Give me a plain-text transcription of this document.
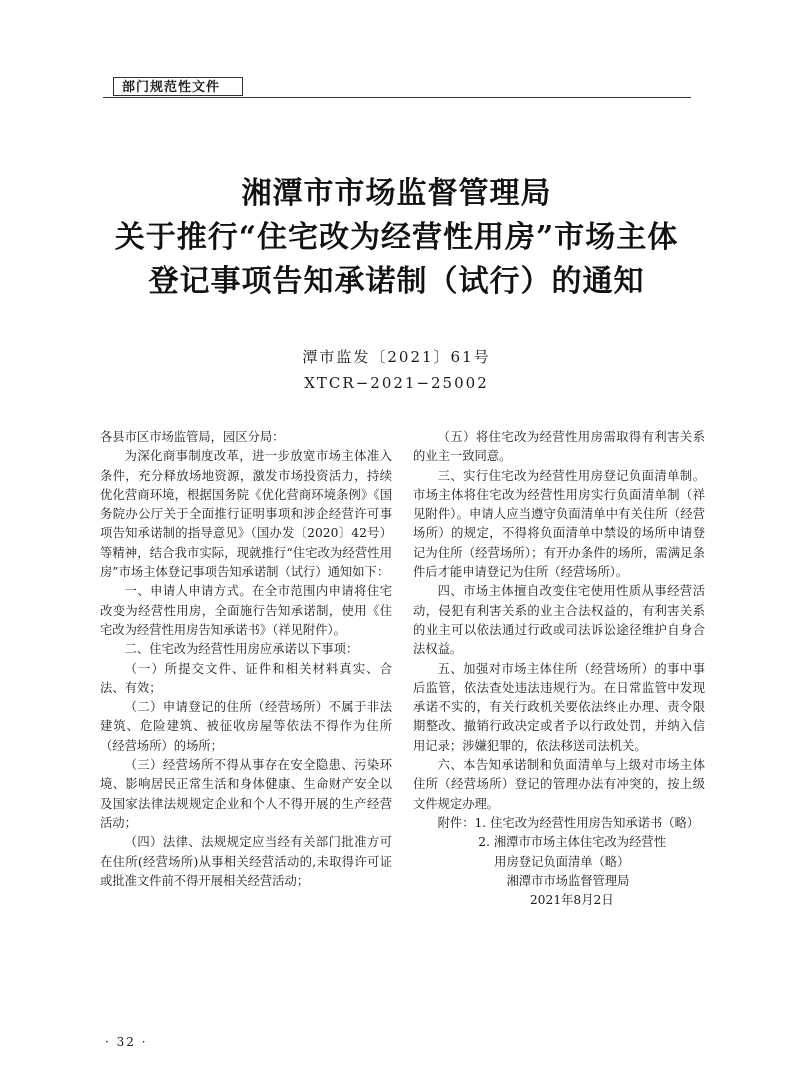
部门规范性文件
湘潭市市场监督管理局
关于推行“住宅改为经营性用房”市场主体
登记事项告知承诺制（试行）的通知
潭市监发〔2021〕61号
XTCR−2021−25002

各县市区市场监管局，园区分局：

为深化商事制度改革，进一步放宽市场主体准入条件，充分释放场地资源，激发市场投资活力，持续优化营商环境，根据国务院《优化营商环境条例》《国务院办公厅关于全面推行证明事项和涉企经营许可事项告知承诺制的指导意见》（国办发〔2020〕42号）等精神，结合我市实际，现就推行“住宅改为经营性用房”市场主体登记事项告知承诺制（试行）通知如下：

一、申请人申请方式。在全市范围内申请将住宅改变为经营性用房，全面施行告知承诺制，使用《住宅改为经营性用房告知承诺书》（祥见附件）。

二、住宅改为经营性用房应承诺以下事项：

（一）所提交文件、证件和相关材料真实、合法、有效；

（二）申请登记的住所（经营场所）不属于非法建筑、危险建筑、被征收房屋等依法不得作为住所（经营场所）的场所；

（三）经营场所不得从事存在安全隐患、污染环境、影响居民正常生活和身体健康、生命财产安全以及国家法律法规规定企业和个人不得开展的生产经营活动；

（四）法律、法规规定应当经有关部门批准方可在住所(经营场所)从事相关经营活动的,未取得许可证或批准文件前不得开展相关经营活动；

（五）将住宅改为经营性用房需取得有利害关系的业主一致同意。

三、实行住宅改为经营性用房登记负面清单制。市场主体将住宅改为经营性用房实行负面清单制（祥见附件）。申请人应当遵守负面清单中有关住所（经营场所）的规定，不得将负面清单中禁设的场所申请登记为住所（经营场所）；有开办条件的场所，需满足条件后才能申请登记为住所（经营场所）。

四、市场主体擅自改变住宅使用性质从事经营活动，侵犯有利害关系的业主合法权益的，有利害关系的业主可以依法通过行政或司法诉讼途径维护自身合法权益。

五、加强对市场主体住所（经营场所）的事中事后监管，依法查处违法违规行为。在日常监管中发现承诺不实的，有关行政机关要依法终止办理、责令限期整改、撤销行政决定或者予以行政处罚，并纳入信用记录；涉嫌犯罪的，依法移送司法机关。

六、本告知承诺制和负面清单与上级对市场主体住所（经营场所）登记的管理办法有冲突的，按上级文件规定办理。

附件：1. 住宅改为经营性用房告知承诺书（略）
2. 湘潭市市场主体住宅改为经营性
用房登记负面清单（略）
湘潭市市场监督管理局
2021年8月2日
· 32 ·
